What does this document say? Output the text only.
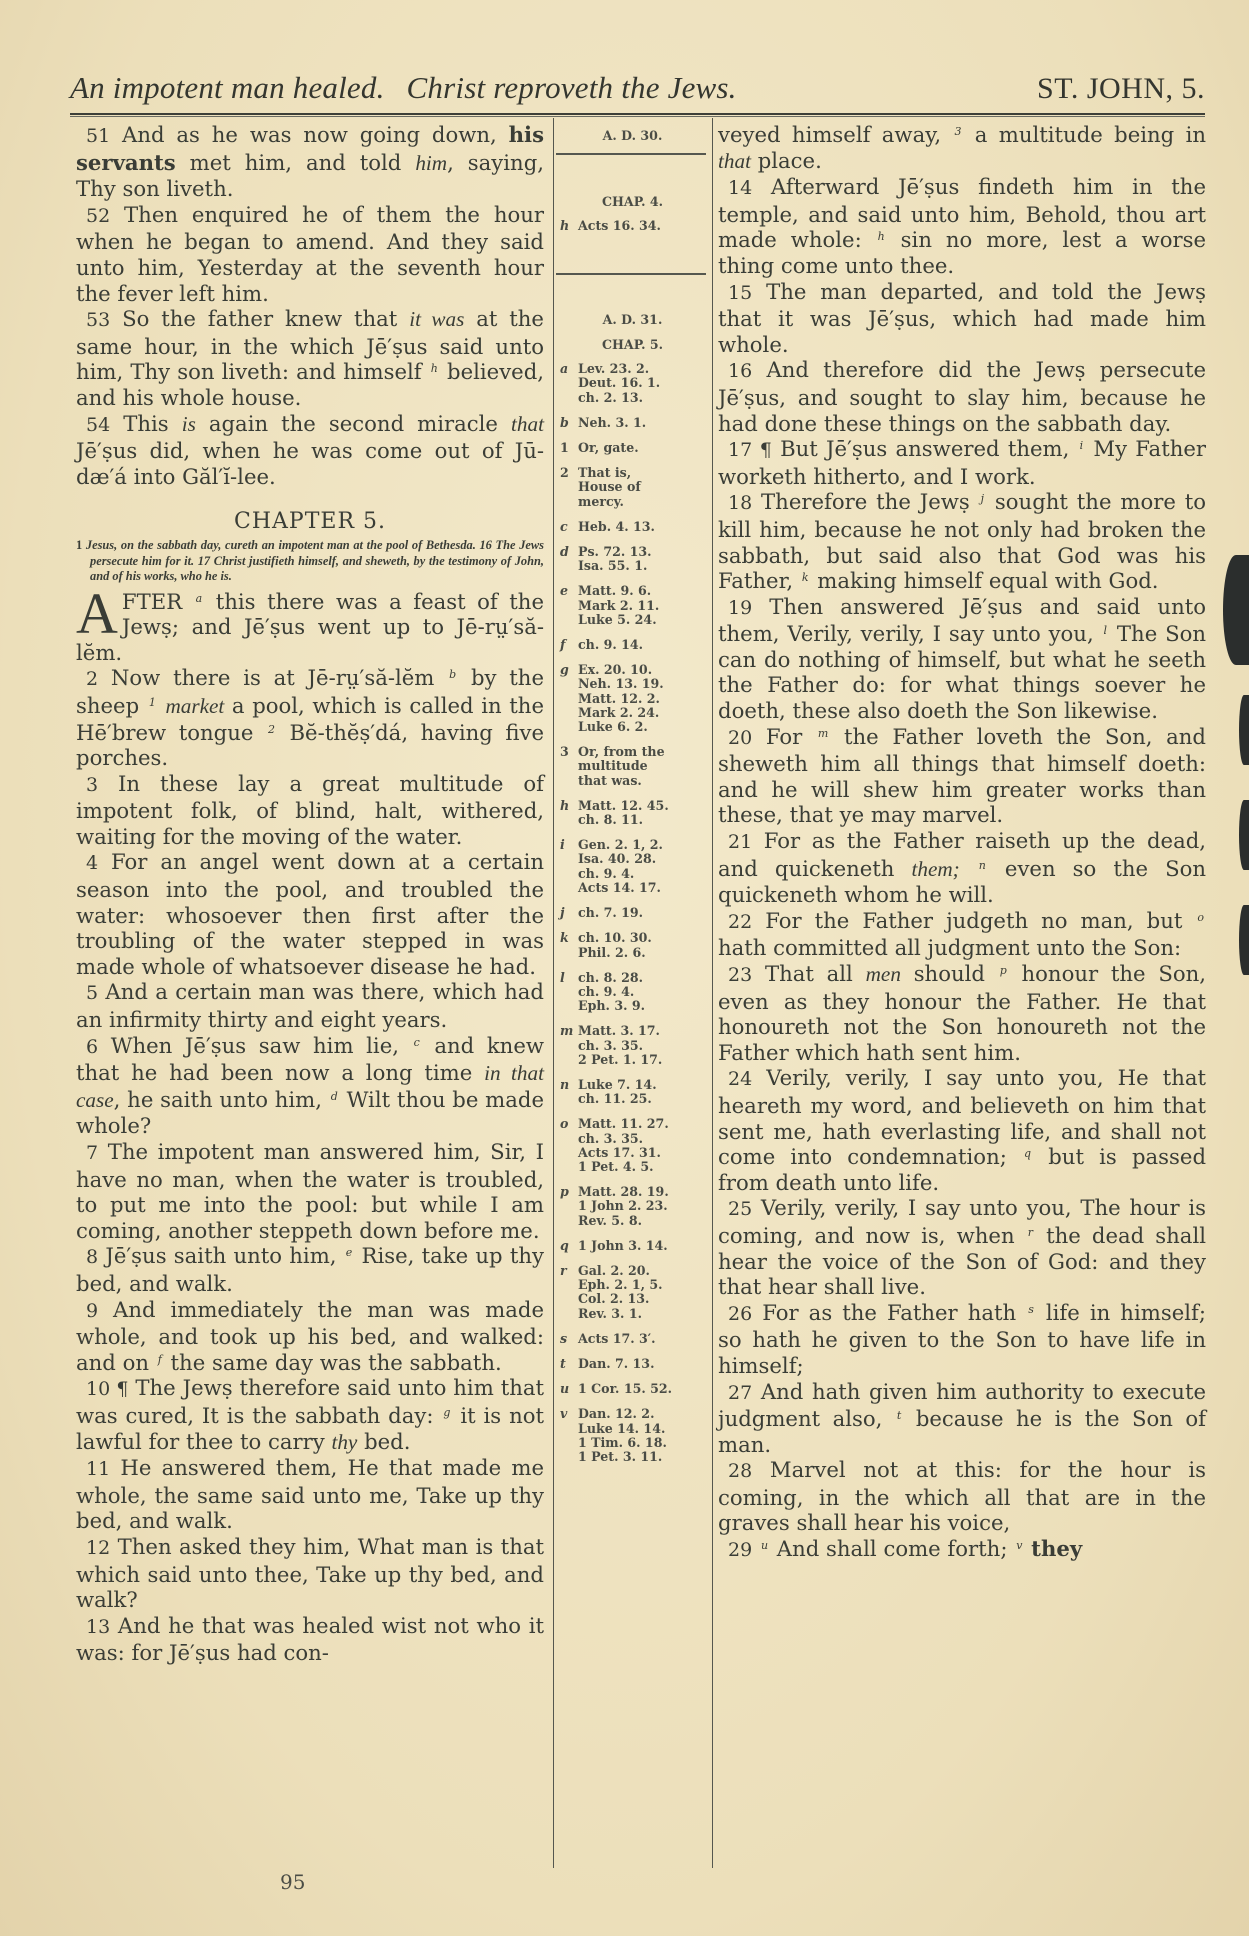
An impotent man healed. Christ reproveth the Jews.	ST. JOHN, 5.
51 And as he was now going down, his servants met him, and told him, saying, Thy son liveth.
52 Then enquired he of them the hour when he began to amend. And they said unto him, Yesterday at the seventh hour the fever left him.
53 So the father knew that it was at the same hour, in the which Jē′ṣus said unto him, Thy son liveth: and himself $^h$ believed, and his whole house.
54 This is again the second miracle that Jē′ṣus did, when he was come out of Jū-dæ′á into Găl′ĭ-lee.
CHAPTER 5.
1 Jesus, on the sabbath day, cureth an impotent man at the pool of Bethesda. 16 The Jews persecute him for it. 17 Christ justifieth himself, and sheweth, by the testimony of John, and of his works, who he is.
A FTER $^a$ this there was a feast of the Jewṣ; and Jē′ṣus went up to Jē-rṳ′să-lĕm.
2 Now there is at Jē-rṳ′să-lĕm $^b$ by the sheep $^1$ market a pool, which is called in the Hē′brew tongue $^2$ Bĕ-thĕṣ′dá, having five porches.
3 In these lay a great multitude of impotent folk, of blind, halt, withered, waiting for the moving of the water.
4 For an angel went down at a certain season into the pool, and troubled the water: whosoever then first after the troubling of the water stepped in was made whole of whatsoever disease he had.
5 And a certain man was there, which had an infirmity thirty and eight years.
6 When Jē′ṣus saw him lie, $^c$ and knew that he had been now a long time in that case, he saith unto him, $^d$ Wilt thou be made whole?
7 The impotent man answered him, Sir, I have no man, when the water is troubled, to put me into the pool: but while I am coming, another steppeth down before me.
8 Jē′ṣus saith unto him, $^e$ Rise, take up thy bed, and walk.
9 And immediately the man was made whole, and took up his bed, and walked: and on $^f$ the same day was the sabbath.
10 ¶ The Jewṣ therefore said unto him that was cured, It is the sabbath day: $^g$ it is not lawful for thee to carry thy bed.
11 He answered them, He that made me whole, the same said unto me, Take up thy bed, and walk.
12 Then asked they him, What man is that which said unto thee, Take up thy bed, and walk?
13 And he that was healed wist not who it was: for Jē′ṣus had con-
A. D. 30.
CHAP. 4.
h Acts 16. 34.
A. D. 31.
CHAP. 5.
a Lev. 23. 2.
Deut. 16. 1.
ch. 2. 13.
b Neh. 3. 1.
1 Or, gate.
2 That is,
House of
mercy.
c Heb. 4. 13.
d Ps. 72. 13.
Isa. 55. 1.
e Matt. 9. 6.
Mark 2. 11.
Luke 5. 24.
f ch. 9. 14.
g Ex. 20. 10.
Neh. 13. 19.
Matt. 12. 2.
Mark 2. 24.
Luke 6. 2.
3 Or, from the
multitude
that was.
h Matt. 12. 45.
ch. 8. 11.
i Gen. 2. 1, 2.
Isa. 40. 28.
ch. 9. 4.
Acts 14. 17.
j ch. 7. 19.
k ch. 10. 30.
Phil. 2. 6.
l ch. 8. 28.
ch. 9. 4.
Eph. 3. 9.
m Matt. 3. 17.
ch. 3. 35.
2 Pet. 1. 17.
n Luke 7. 14.
ch. 11. 25.
o Matt. 11. 27.
ch. 3. 35.
Acts 17. 31.
1 Pet. 4. 5.
p Matt. 28. 19.
1 John 2. 23.
Rev. 5. 8.
q 1 John 3. 14.
r Gal. 2. 20.
Eph. 2. 1, 5.
Col. 2. 13.
Rev. 3. 1.
s Acts 17. 3′.
t Dan. 7. 13.
u 1 Cor. 15. 52.
v Dan. 12. 2.
Luke 14. 14.
1 Tim. 6. 18.
1 Pet. 3. 11.
veyed himself away, $^3$ a multitude being in that place.
14 Afterward Jē′ṣus findeth him in the temple, and said unto him, Behold, thou art made whole: $^h$ sin no more, lest a worse thing come unto thee.
15 The man departed, and told the Jewṣ that it was Jē′ṣus, which had made him whole.
16 And therefore did the Jewṣ persecute Jē′ṣus, and sought to slay him, because he had done these things on the sabbath day.
17 ¶ But Jē′ṣus answered them, $^i$ My Father worketh hitherto, and I work.
18 Therefore the Jewṣ $^j$ sought the more to kill him, because he not only had broken the sabbath, but said also that God was his Father, $^k$ making himself equal with God.
19 Then answered Jē′ṣus and said unto them, Verily, verily, I say unto you, $^l$ The Son can do nothing of himself, but what he seeth the Father do: for what things soever he doeth, these also doeth the Son likewise.
20 For $^m$ the Father loveth the Son, and sheweth him all things that himself doeth: and he will shew him greater works than these, that ye may marvel.
21 For as the Father raiseth up the dead, and quickeneth them; $^n$ even so the Son quickeneth whom he will.
22 For the Father judgeth no man, but $^o$ hath committed all judgment unto the Son:
23 That all men should $^p$ honour the Son, even as they honour the Father. He that honoureth not the Son honoureth not the Father which hath sent him.
24 Verily, verily, I say unto you, He that heareth my word, and believeth on him that sent me, hath everlasting life, and shall not come into condemnation; $^q$ but is passed from death unto life.
25 Verily, verily, I say unto you, The hour is coming, and now is, when $^r$ the dead shall hear the voice of the Son of God: and they that hear shall live.
26 For as the Father hath $^s$ life in himself; so hath he given to the Son to have life in himself;
27 And hath given him authority to execute judgment also, $^t$ because he is the Son of man.
28 Marvel not at this: for the hour is coming, in the which all that are in the graves shall hear his voice,
29 $^u$ And shall come forth; $^v$ they
95
